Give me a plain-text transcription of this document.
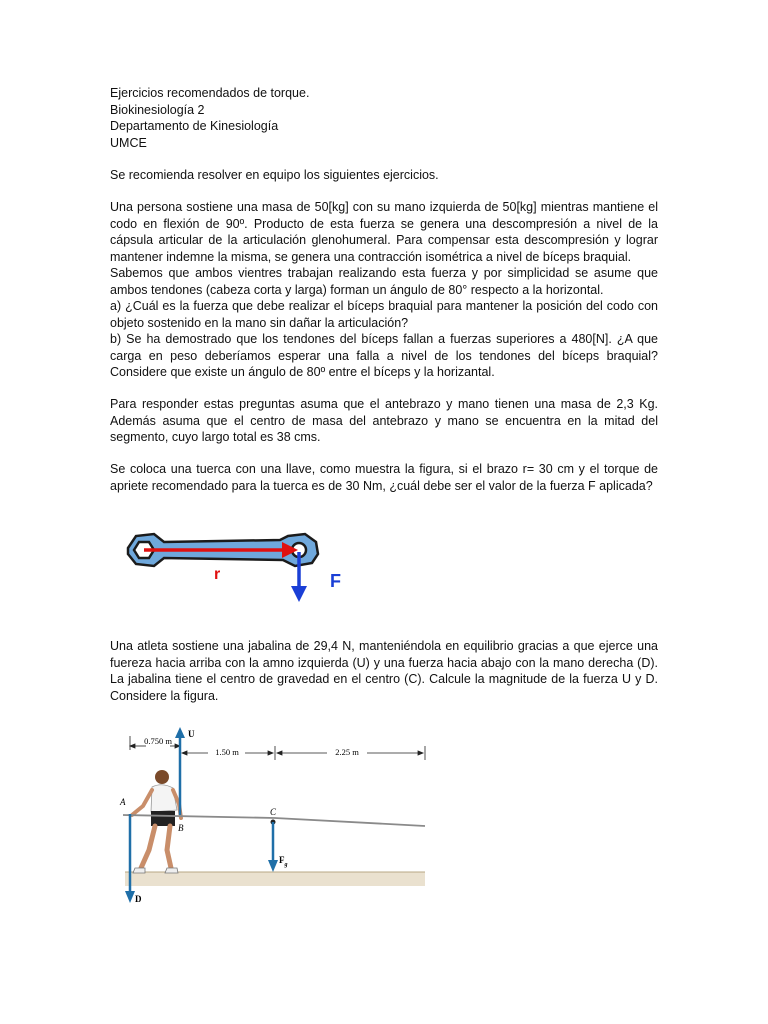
Ejercicios recomendados de torque.
Biokinesiología 2
Departamento de Kinesiología
UMCE

Se recomienda resolver en equipo los siguientes ejercicios.

Una persona sostiene una masa de 50[kg] con su mano izquierda de 50[kg] mientras mantiene el codo en flexión de 90º. Producto de esta fuerza se genera una descompresión a nivel de la cápsula articular de la articulación glenohumeral. Para compensar esta descompresión y lograr mantener indemne la misma, se genera una contracción isométrica a nivel de bíceps braquial.
Sabemos que ambos vientres trabajan realizando esta fuerza y por simplicidad se asume que ambos tendones (cabeza corta y larga) forman un ángulo de 80° respecto a la horizontal.
a) ¿Cuál es la fuerza que debe realizar el bíceps braquial para mantener la posición del codo con objeto sostenido en la mano sin dañar la articulación?
b) Se ha demostrado que los tendones del bíceps fallan a fuerzas superiores a 480[N]. ¿A que carga en peso deberíamos esperar una falla a nivel de los tendones del bíceps braquial? Considere que existe un ángulo de 80º entre el bíceps y la horizantal.

Para responder estas preguntas asuma que el antebrazo y mano tienen una masa de 2,3 Kg. Además asuma que el centro de masa del antebrazo y mano se encuentra en la mitad del segmento, cuyo largo total es 38 cms.

Se coloca una tuerca con una llave, como muestra la figura, si el brazo r= 30 cm y el torque de apriete recomendado para la tuerca es de 30 Nm, ¿cuál debe ser el valor de la fuerza F aplicada?

r	F

Una atleta sostiene una jabalina de 29,4 N, manteniéndola en equilibrio gracias a que ejerce una fuereza hacia arriba con la amno izquierda (U) y una fuerza hacia abajo con la mano derecha (D). La jabalina tiene el centro de gravedad en el centro (C). Calcule la magnitude de la fuerza U y D. Considere la figura.

0.750 m
1.50 m	2.25 m
U
D
$F_g$
A
B
C
